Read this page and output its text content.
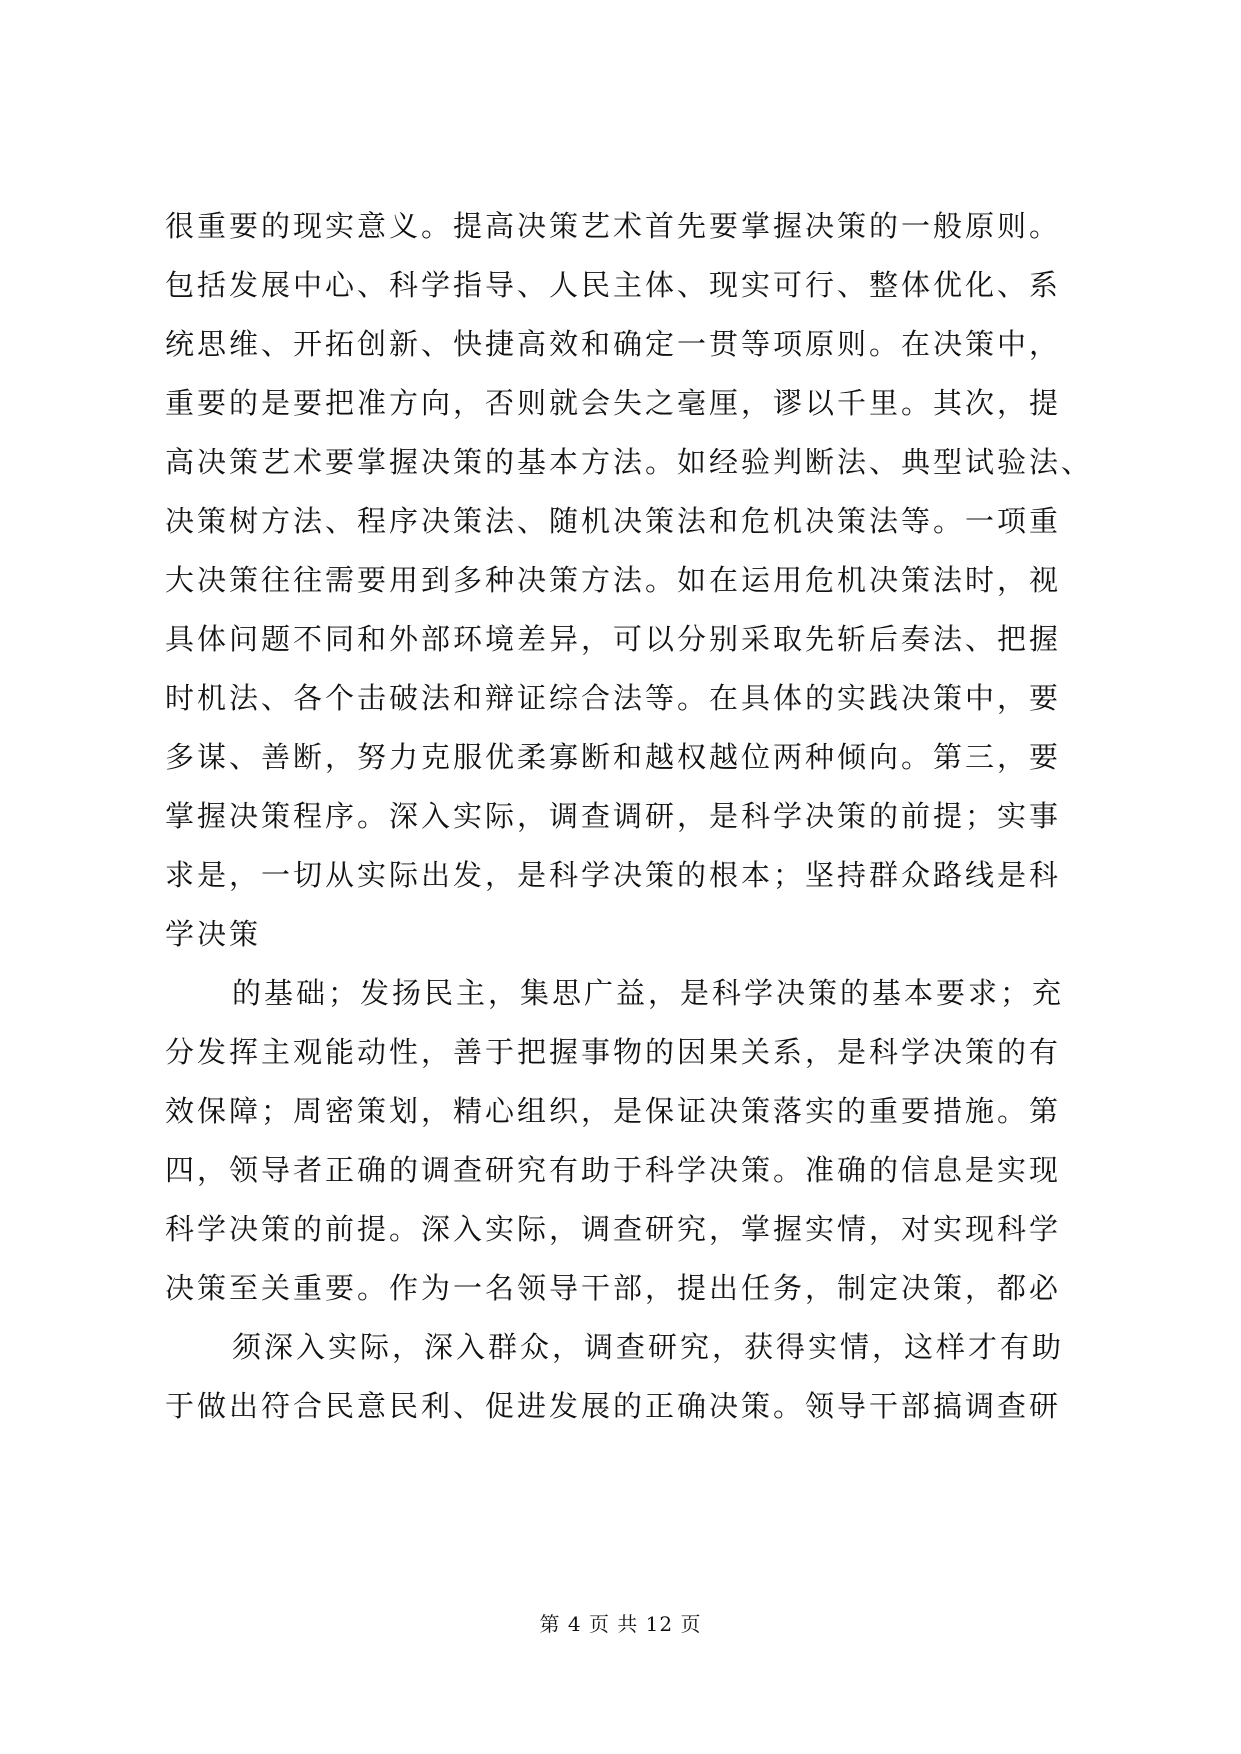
很重要的现实意义。提高决策艺术首先要掌握决策的一般原则。
包括发展中心、科学指导、人民主体、现实可行、整体优化、系
统思维、开拓创新、快捷高效和确定一贯等项原则。在决策中，
重要的是要把准方向，否则就会失之毫厘，谬以千里。其次，提
高决策艺术要掌握决策的基本方法。如经验判断法、典型试验法、
决策树方法、程序决策法、随机决策法和危机决策法等。一项重
大决策往往需要用到多种决策方法。如在运用危机决策法时，视
具体问题不同和外部环境差异，可以分别采取先斩后奏法、把握
时机法、各个击破法和辩证综合法等。在具体的实践决策中，要
多谋、善断，努力克服优柔寡断和越权越位两种倾向。第三，要
掌握决策程序。深入实际，调查调研，是科学决策的前提；实事
求是，一切从实际出发，是科学决策的根本；坚持群众路线是科
学决策
的基础；发扬民主，集思广益，是科学决策的基本要求；充
分发挥主观能动性，善于把握事物的因果关系，是科学决策的有
效保障；周密策划，精心组织，是保证决策落实的重要措施。第
四，领导者正确的调查研究有助于科学决策。准确的信息是实现
科学决策的前提。深入实际，调查研究，掌握实情，对实现科学
决策至关重要。作为一名领导干部，提出任务，制定决策，都必
须深入实际，深入群众，调查研究，获得实情，这样才有助
于做出符合民意民利、促进发展的正确决策。领导干部搞调查研
第 4 页 共 12 页
